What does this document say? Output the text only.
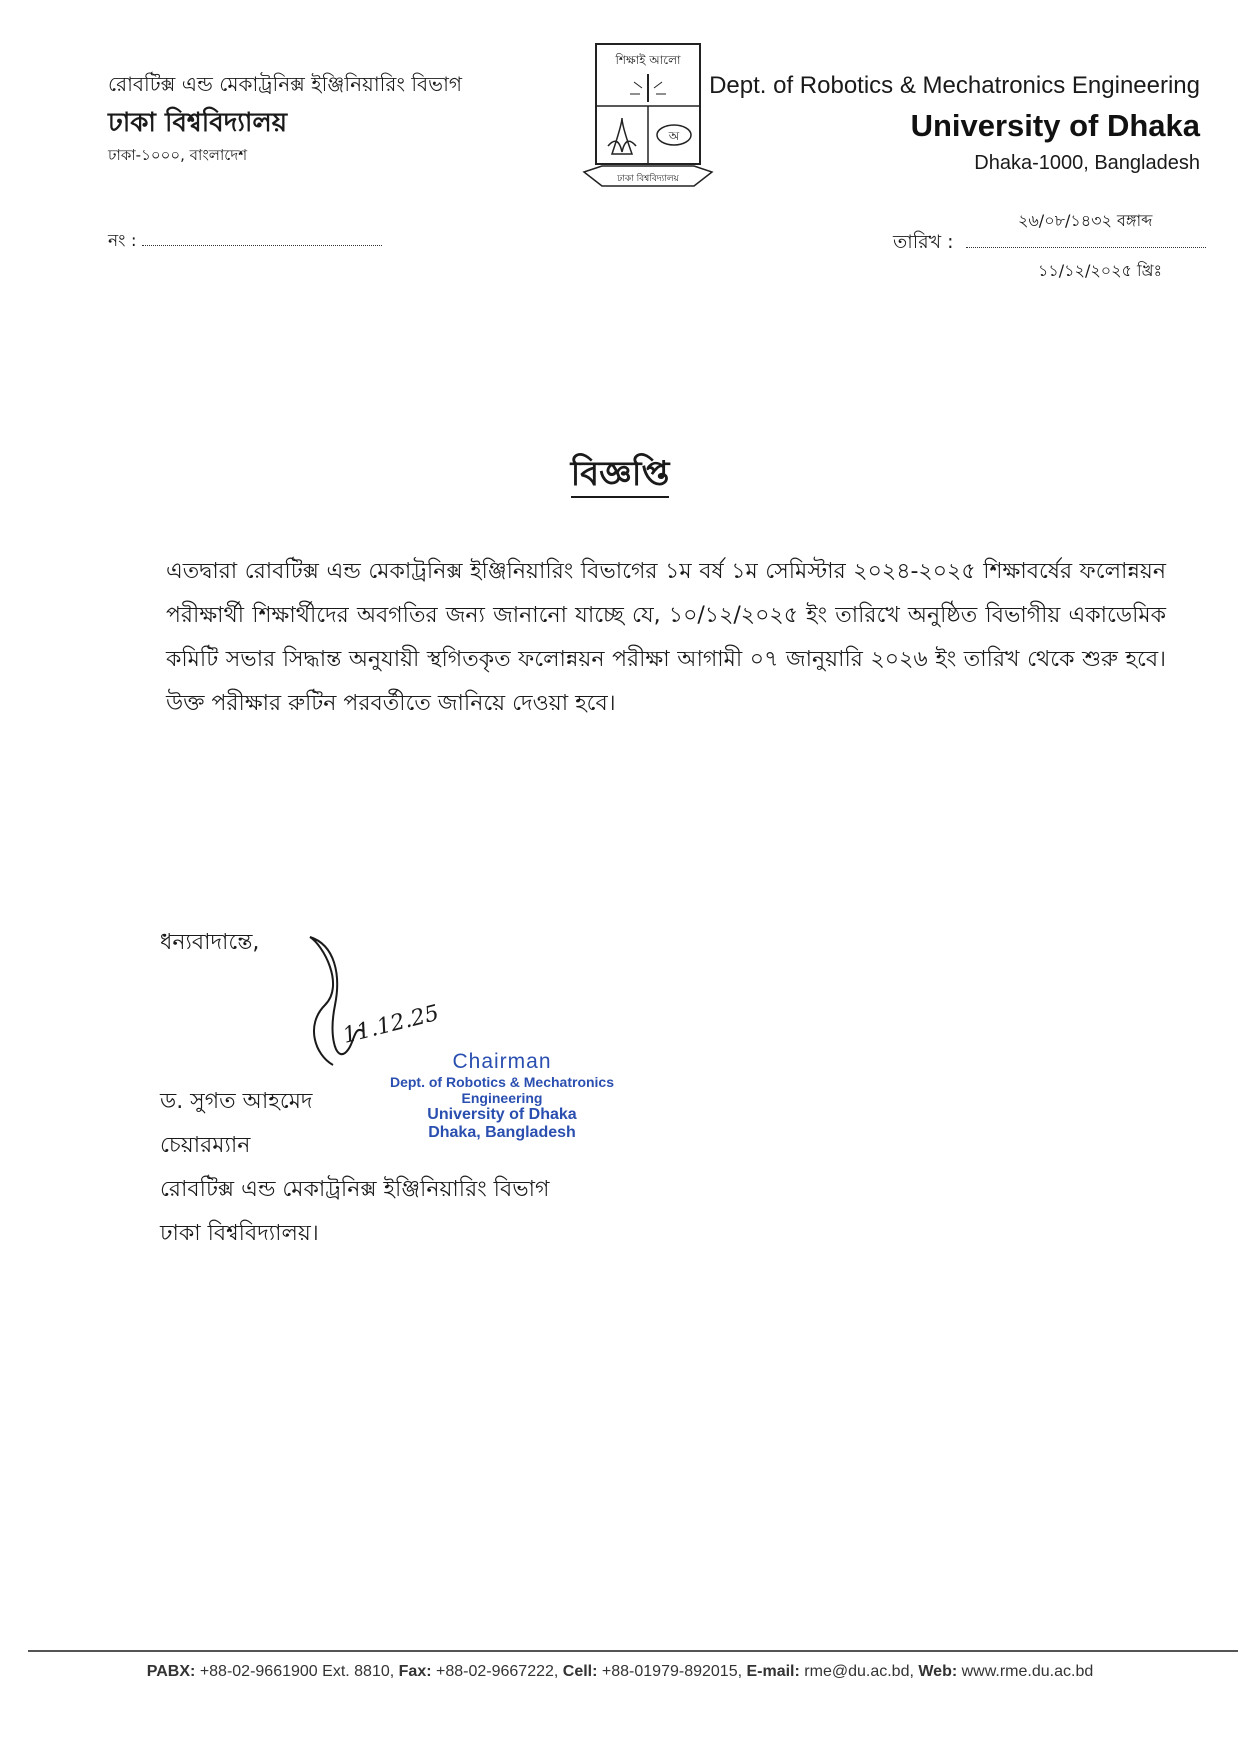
রোবটিক্স এন্ড মেকাট্রনিক্স ইঞ্জিনিয়ারিং বিভাগ
ঢাকা বিশ্ববিদ্যালয়
ঢাকা-১০০০, বাংলাদেশ
শিক্ষাই আলো
অ
ঢাকা বিশ্ববিদ্যালয়
Dept. of Robotics & Mechatronics Engineering
University of Dhaka
Dhaka-1000, Bangladesh
নং :
২৬/০৮/১৪৩২ বঙ্গাব্দ
তারিখ :
১১/১২/২০২৫ খ্রিঃ
বিজ্ঞপ্তি
এতদ্বারা রোবটিক্স এন্ড মেকাট্রনিক্স ইঞ্জিনিয়ারিং বিভাগের ১ম বর্ষ ১ম সেমিস্টার ২০২৪-২০২৫ শিক্ষাবর্ষের ফলোন্নয়ন পরীক্ষার্থী শিক্ষার্থীদের অবগতির জন্য জানানো যাচ্ছে যে, ১০/১২/২০২৫ ইং তারিখে অনুষ্ঠিত বিভাগীয় একাডেমিক কমিটি সভার সিদ্ধান্ত অনুযায়ী স্থগিতকৃত ফলোন্নয়ন পরীক্ষা আগামী ০৭ জানুয়ারি ২০২৬ ইং তারিখ থেকে শুরু হবে। উক্ত পরীক্ষার রুটিন পরবর্তীতে জানিয়ে দেওয়া হবে।
ধন্যবাদান্তে,
11.12.25
Chairman
Dept. of Robotics & Mechatronics Engineering
University of Dhaka
Dhaka, Bangladesh
ড. সুগত আহমেদ
চেয়ারম্যান
রোবটিক্স এন্ড মেকাট্রনিক্স ইঞ্জিনিয়ারিং বিভাগ
ঢাকা বিশ্ববিদ্যালয়।
PABX: +88-02-9661900 Ext. 8810, Fax: +88-02-9667222, Cell: +88-01979-892015, E-mail: rme@du.ac.bd, Web: www.rme.du.ac.bd
